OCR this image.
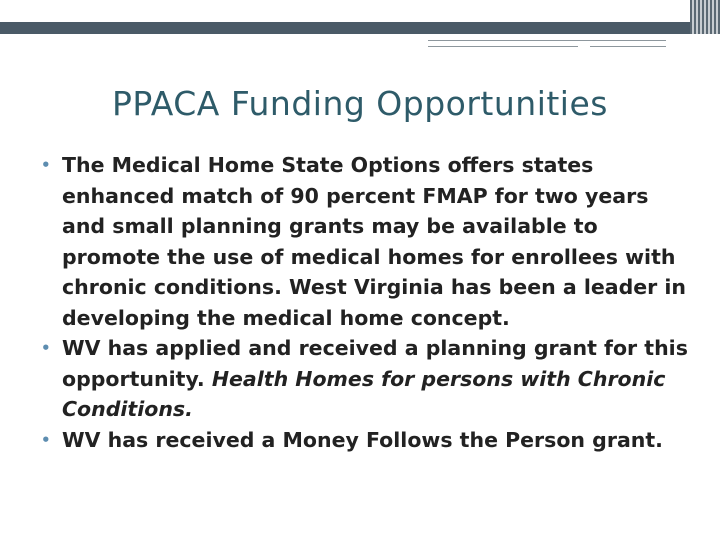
PPACA Funding Opportunities

• The Medical Home State Options offers states enhanced match of 90 percent FMAP for two years and small planning grants may be available to promote the use of medical homes for enrollees with chronic conditions. West Virginia has been a leader in developing the medical home concept.

• WV has applied and received a planning grant for this opportunity. Health Homes for persons with Chronic Conditions.

• WV has received a Money Follows the Person grant.
